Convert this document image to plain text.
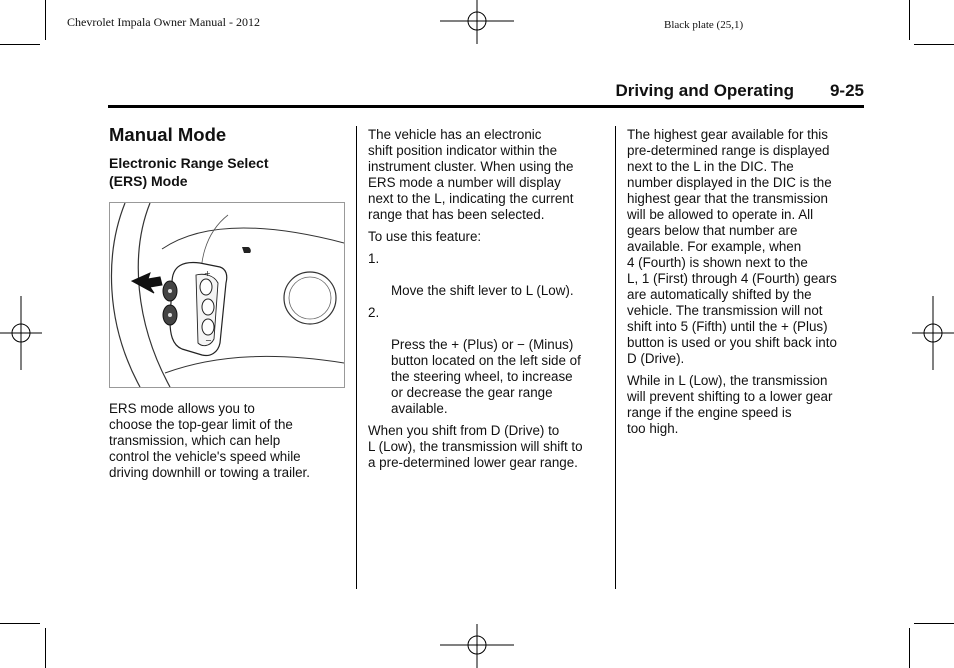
Chevrolet Impala Owner Manual - 2012	Black plate (25,1)
Driving and Operating 9-25
Manual Mode
Electronic Range Select
(ERS) Mode
+
−

ERS mode allows you to
choose the top-gear limit of the
transmission, which can help
control the vehicle's speed while
driving downhill or towing a trailer.

The vehicle has an electronic
shift position indicator within the
instrument cluster. When using the
ERS mode a number will display
next to the L, indicating the current
range that has been selected.

To use this feature:

1.

Move the shift lever to L (Low).

2.

Press the + (Plus) or − (Minus)
button located on the left side of
the steering wheel, to increase
or decrease the gear range
available.

When you shift from D (Drive) to
L (Low), the transmission will shift to
a pre-determined lower gear range.

The highest gear available for this
pre-determined range is displayed
next to the L in the DIC. The
number displayed in the DIC is the
highest gear that the transmission
will be allowed to operate in. All
gears below that number are
available. For example, when
4 (Fourth) is shown next to the
L, 1 (First) through 4 (Fourth) gears
are automatically shifted by the
vehicle. The transmission will not
shift into 5 (Fifth) until the + (Plus)
button is used or you shift back into
D (Drive).

While in L (Low), the transmission
will prevent shifting to a lower gear
range if the engine speed is
too high.
